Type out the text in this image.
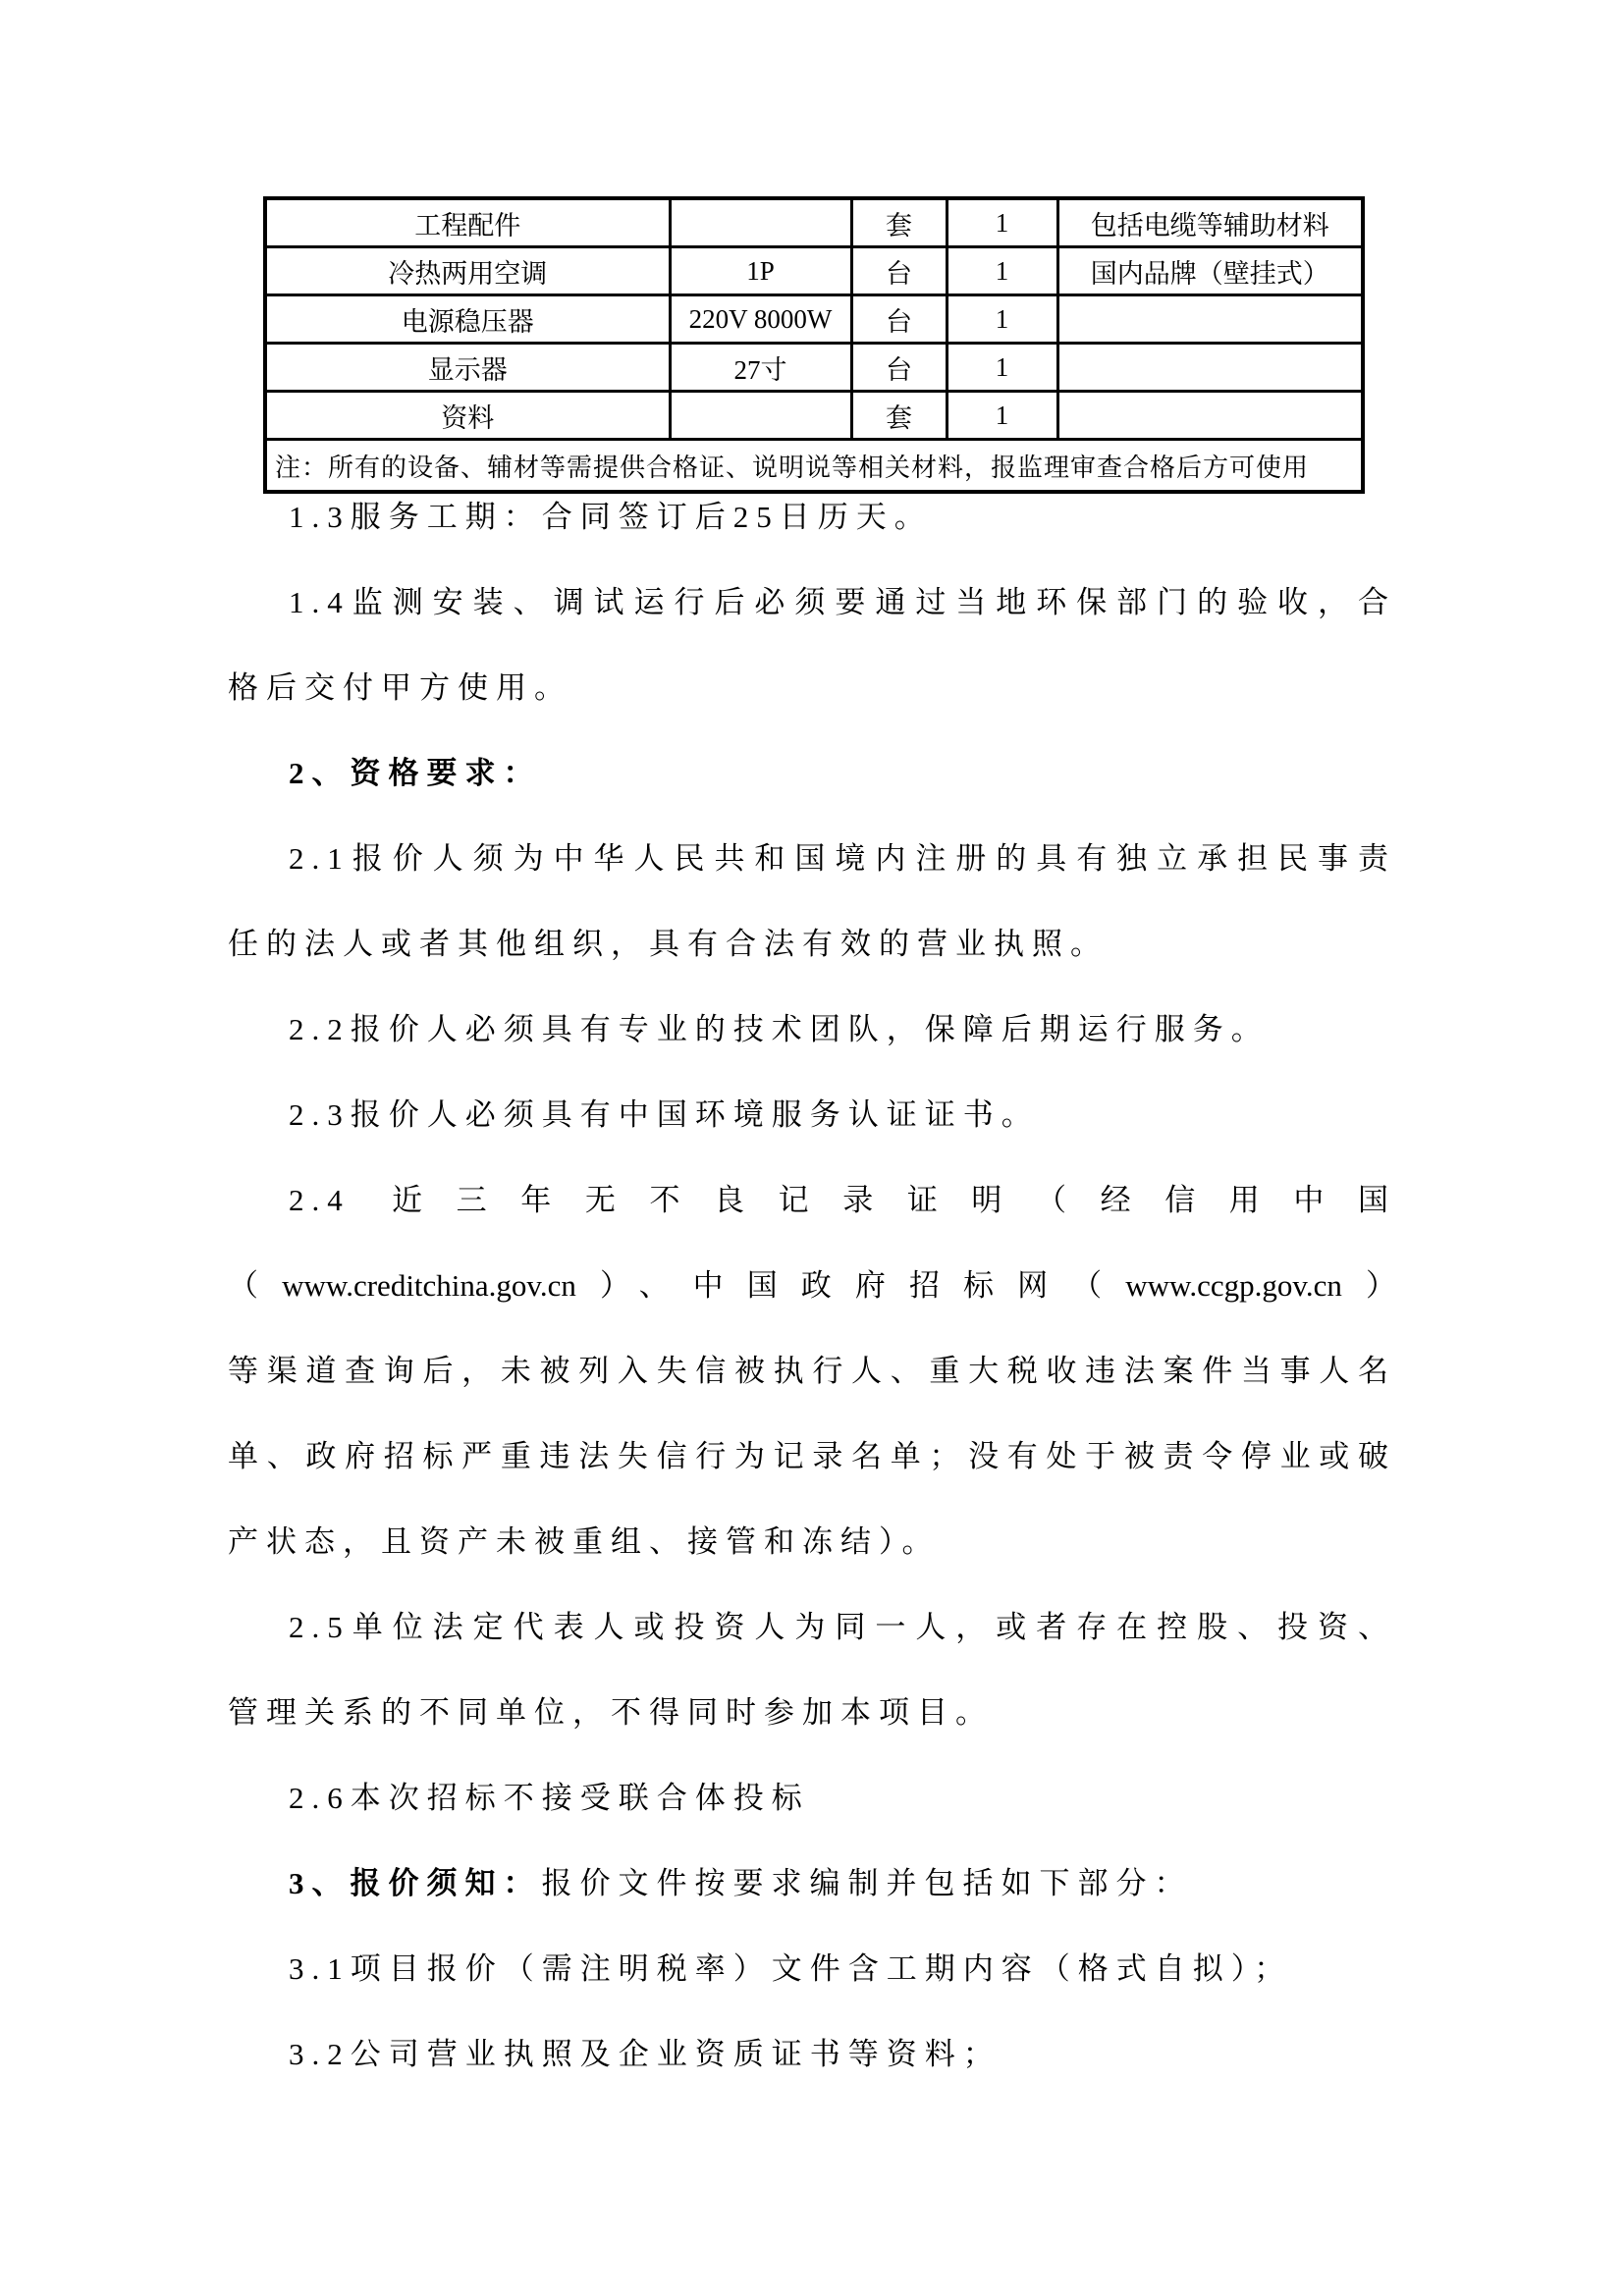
工程配件		套	1	包括电缆等辅助材料
冷热两用空调	1P	台	1	国内品牌（壁挂式）
电源稳压器	220V 8000W	台	1	
显示器	27寸	台	1	
资料		套	1	
注：所有的设备、辅材等需提供合格证、说明说等相关材料，报监理审查合格后方可使用				
1.3服务工期：合同签订后25日历天。
1.4监测安装、调试运行后必须要通过当地环保部门的验收，合
格后交付甲方使用。
2、资格要求：
2.1报价人须为中华人民共和国境内注册的具有独立承担民事责
任的法人或者其他组织，具有合法有效的营业执照。
2.2报价人必须具有专业的技术团队，保障后期运行服务。
2.3报价人必须具有中国环境服务认证证书。
2.4 近三年无不良记录证明（经信用中国
（www.creditchina.gov.cn）、中国政府招标网（www.ccgp.gov.cn）
等渠道查询后，未被列入失信被执行人、重大税收违法案件当事人名
单、政府招标严重违法失信行为记录名单；没有处于被责令停业或破
产状态，且资产未被重组、接管和冻结）。
2.5单位法定代表人或投资人为同一人，或者存在控股、投资、
管理关系的不同单位，不得同时参加本项目。
2.6本次招标不接受联合体投标
3、报价须知：报价文件按要求编制并包括如下部分：
3.1项目报价（需注明税率）文件含工期内容（格式自拟）；
3.2公司营业执照及企业资质证书等资料；
